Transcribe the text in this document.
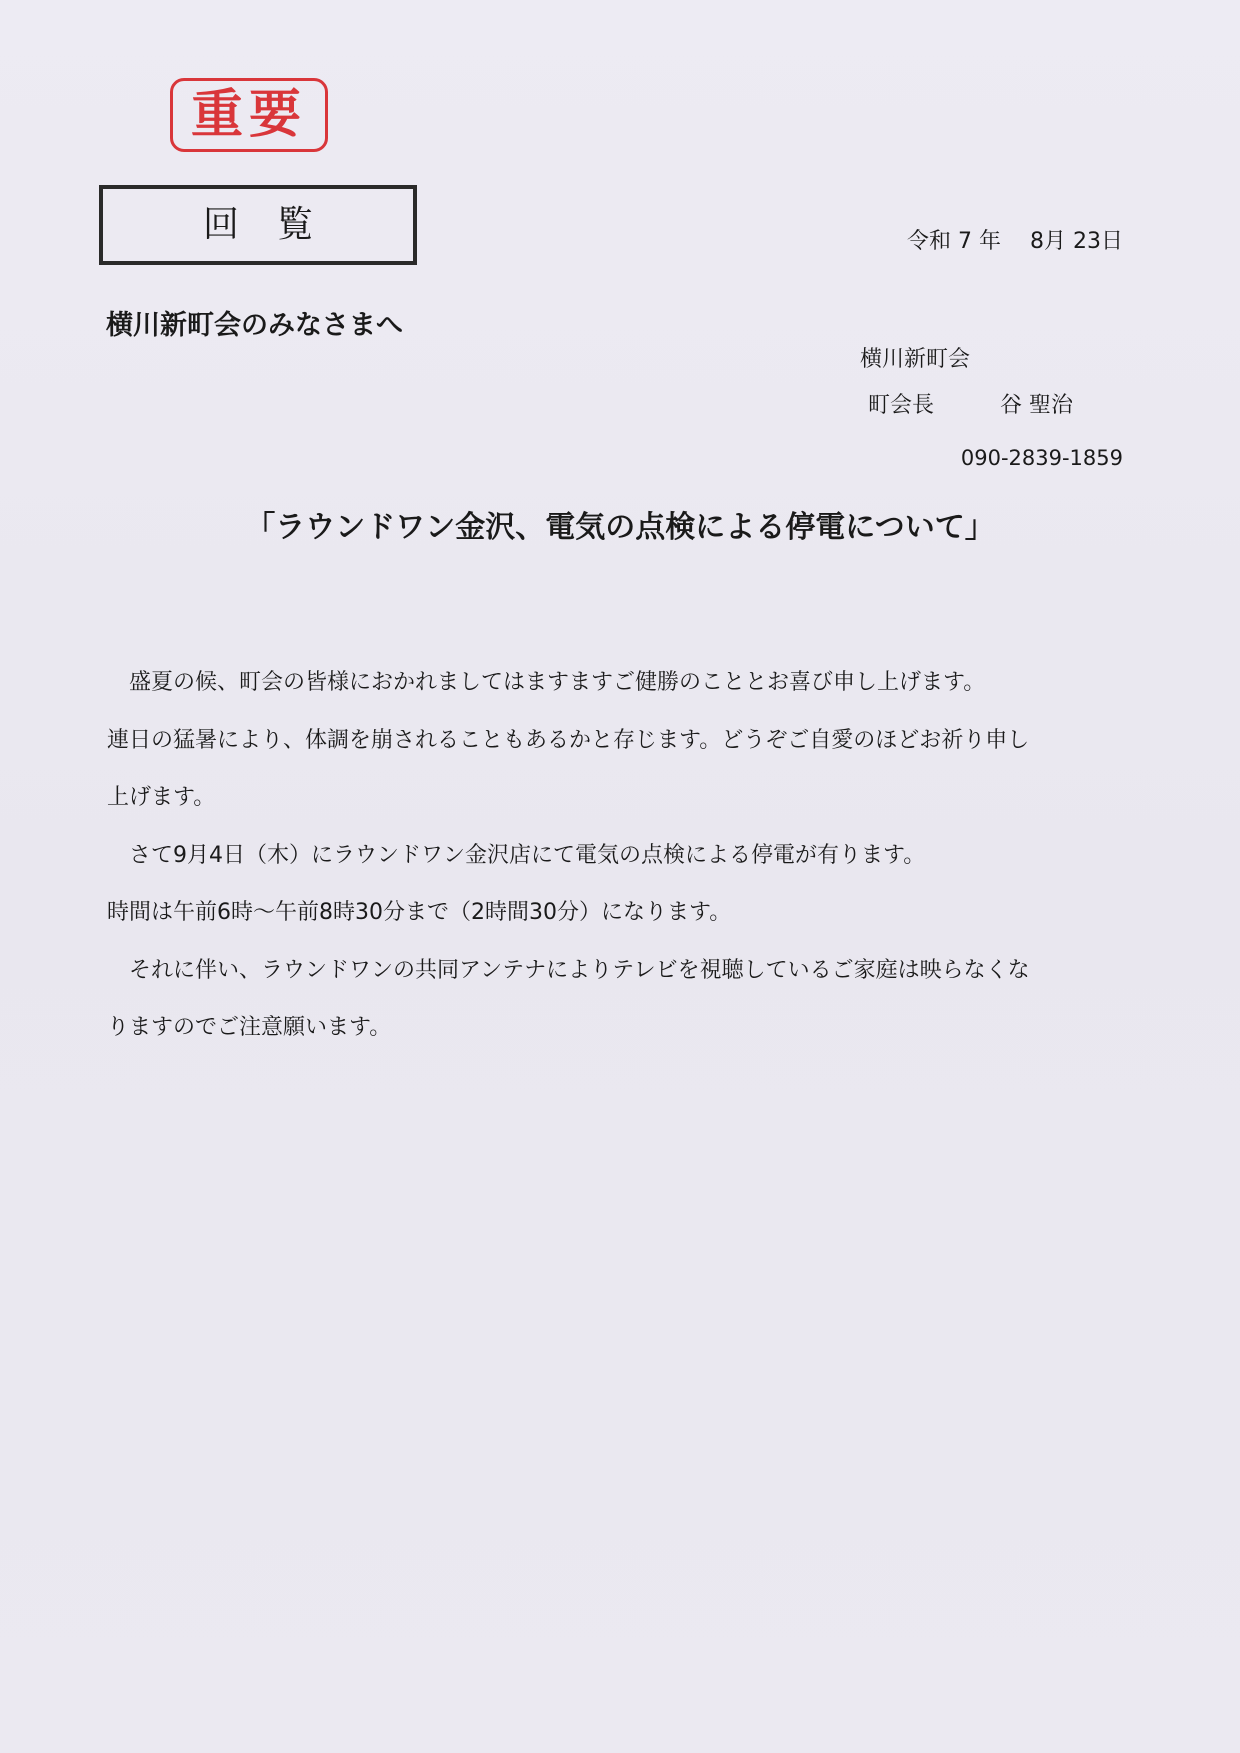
重要
回覧	令和 7 年 　8月 23日
横川新町会のみなさまへ
横川新町会
町会長　　　谷 聖治
090-2839-1859
「ラウンドワン金沢、電気の点検による停電について」

　盛夏の候、町会の皆様におかれましてはますますご健勝のこととお喜び申し上げます。

連日の猛暑により、体調を崩されることもあるかと存じます。どうぞご自愛のほどお祈り申し

上げます。

　さて9月4日（木）にラウンドワン金沢店にて電気の点検による停電が有ります。

時間は午前6時～午前8時30分まで（2時間30分）になります。

　それに伴い、ラウンドワンの共同アンテナによりテレビを視聴しているご家庭は映らなくな

りますのでご注意願います。
